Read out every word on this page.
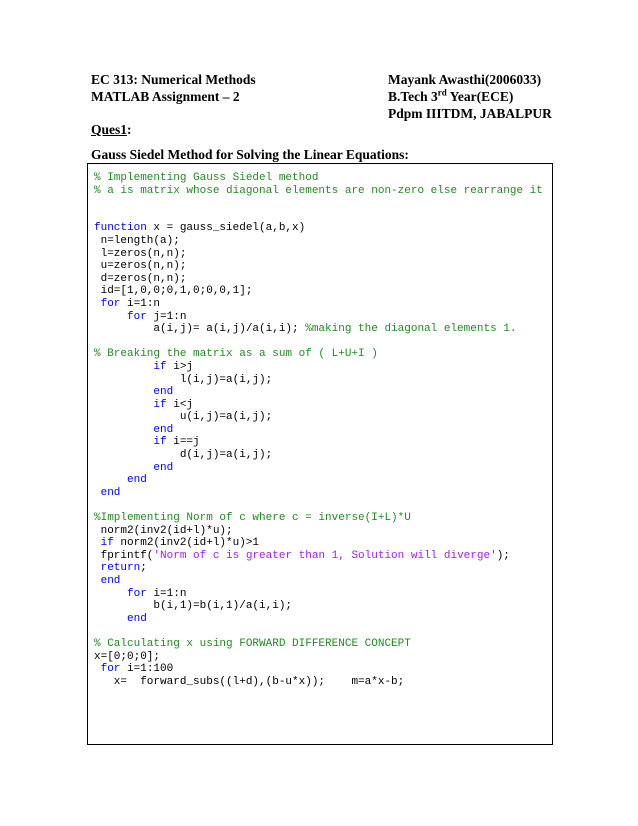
EC 313: Numerical Methods
MATLAB Assignment – 2
Mayank Awasthi(2006033)
B.Tech 3rd Year(ECE)
Pdpm IIITDM, JABALPUR
Ques1:
Gauss Siedel Method for Solving the Linear Equations:
% Implementing Gauss Siedel method
% a is matrix whose diagonal elements are non-zero else rearrange it
function x = gauss_siedel(a,b,x)
n=length(a);
l=zeros(n,n);
u=zeros(n,n);
d=zeros(n,n);
id=[1,0,0;0,1,0;0,0,1];
for i=1:n
for j=1:n
a(i,j)= a(i,j)/a(i,i); %making the diagonal elements 1.
% Breaking the matrix as a sum of ( L+U+I )
if i>j
l(i,j)=a(i,j);
end
if i<j
u(i,j)=a(i,j);
end
if i==j
d(i,j)=a(i,j);
end
end
end
%Implementing Norm of c where c = inverse(I+L)*U
norm2(inv2(id+l)*u);
if norm2(inv2(id+l)*u)>1
fprintf('Norm of c is greater than 1, Solution will diverge');
return;
end
for i=1:n
b(i,1)=b(i,1)/a(i,i);
end
% Calculating x using FORWARD DIFFERENCE CONCEPT
x=[0;0;0];
for i=1:100
x=  forward_subs((l+d),(b-u*x));    m=a*x-b;
